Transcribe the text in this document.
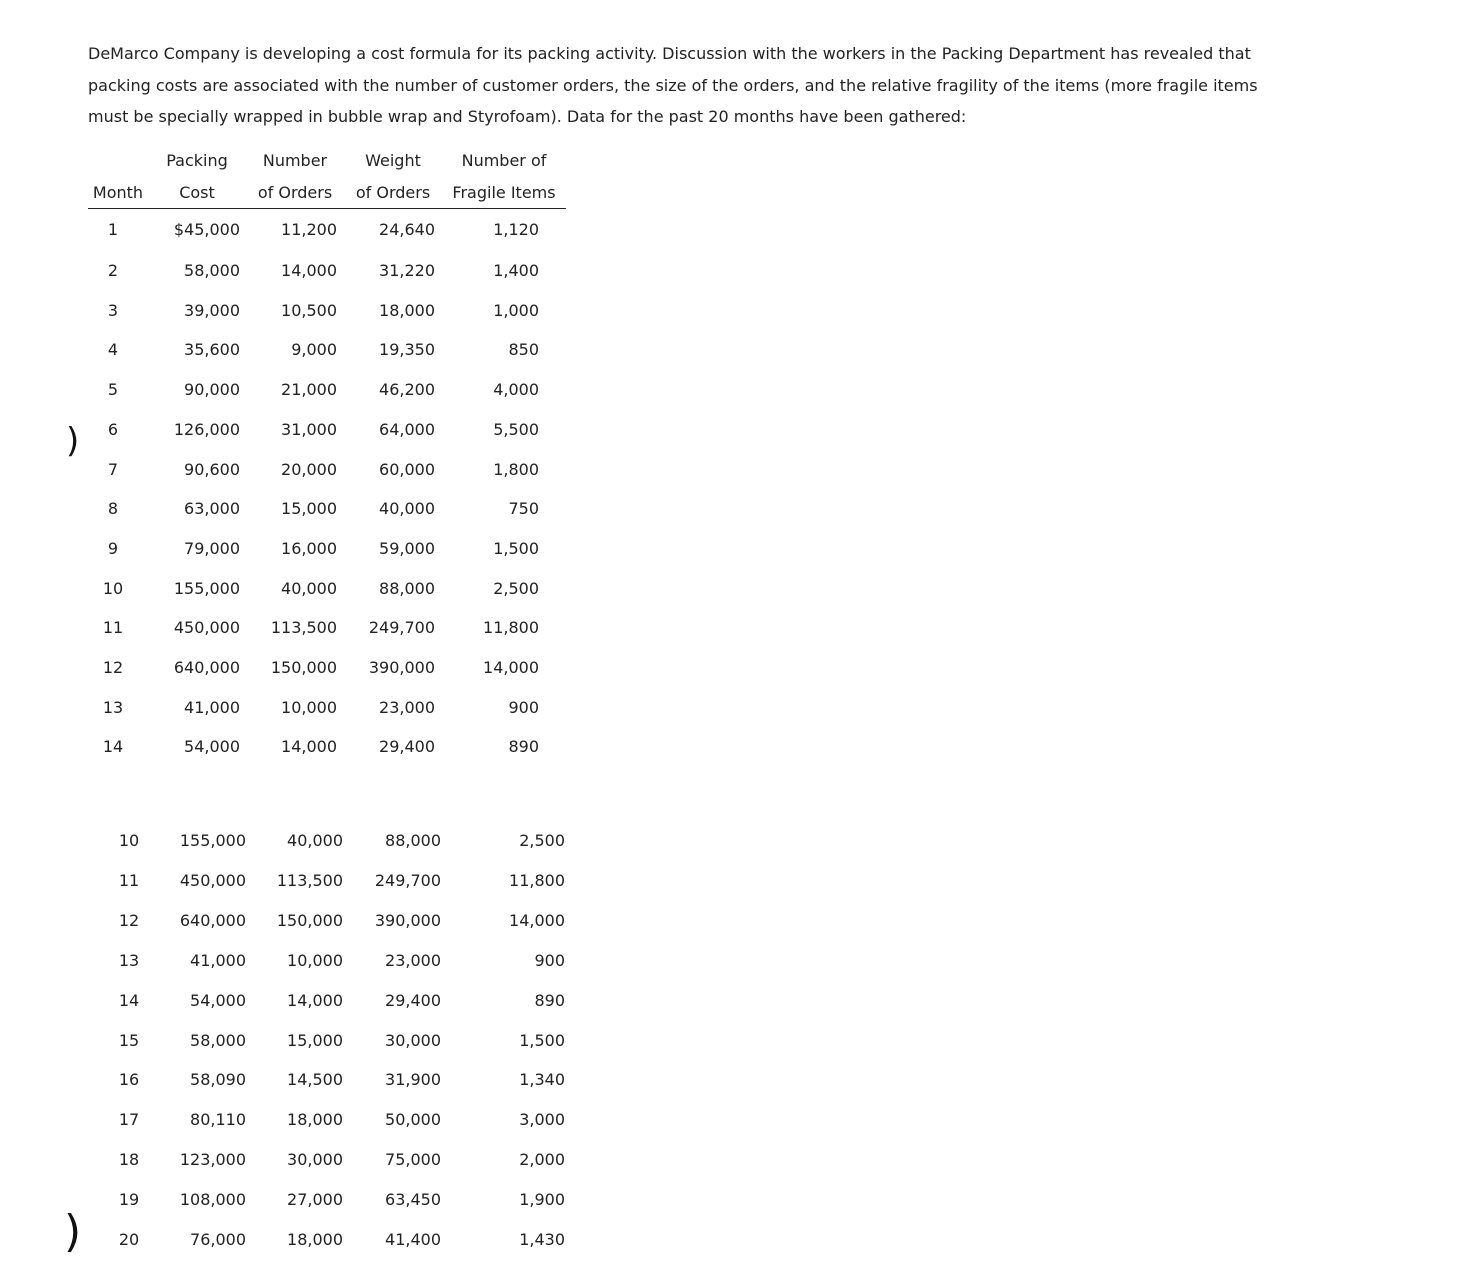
DeMarco Company is developing a cost formula for its packing activity. Discussion with the workers in the Packing Department has revealed that
packing costs are associated with the number of customer orders, the size of the orders, and the relative fragility of the items (more fragile items
must be specially wrapped in bubble wrap and Styrofoam). Data for the past 20 months have been gathered:

	Packing	Number	Weight	Number of
Month	Cost	of Orders	of Orders	Fragile Items
1	$45,000	11,200	24,640	1,120
2	58,000	14,000	31,220	1,400
3	39,000	10,500	18,000	1,000
4	35,600	9,000	19,350	850
5	90,000	21,000	46,200	4,000
6	126,000	31,000	64,000	5,500
7	90,600	20,000	60,000	1,800
8	63,000	15,000	40,000	750
9	79,000	16,000	59,000	1,500
10	155,000	40,000	88,000	2,500
11	450,000	113,500	249,700	11,800
12	640,000	150,000	390,000	14,000
13	41,000	10,000	23,000	900
14	54,000	14,000	29,400	890
10	155,000	40,000	88,000	2,500
11	450,000	113,500	249,700	11,800
12	640,000	150,000	390,000	14,000
13	41,000	10,000	23,000	900
14	54,000	14,000	29,400	890
15	58,000	15,000	30,000	1,500
16	58,090	14,500	31,900	1,340
17	80,110	18,000	50,000	3,000
18	123,000	30,000	75,000	2,000
19	108,000	27,000	63,450	1,900
20	76,000	18,000	41,400	1,430
)
)
